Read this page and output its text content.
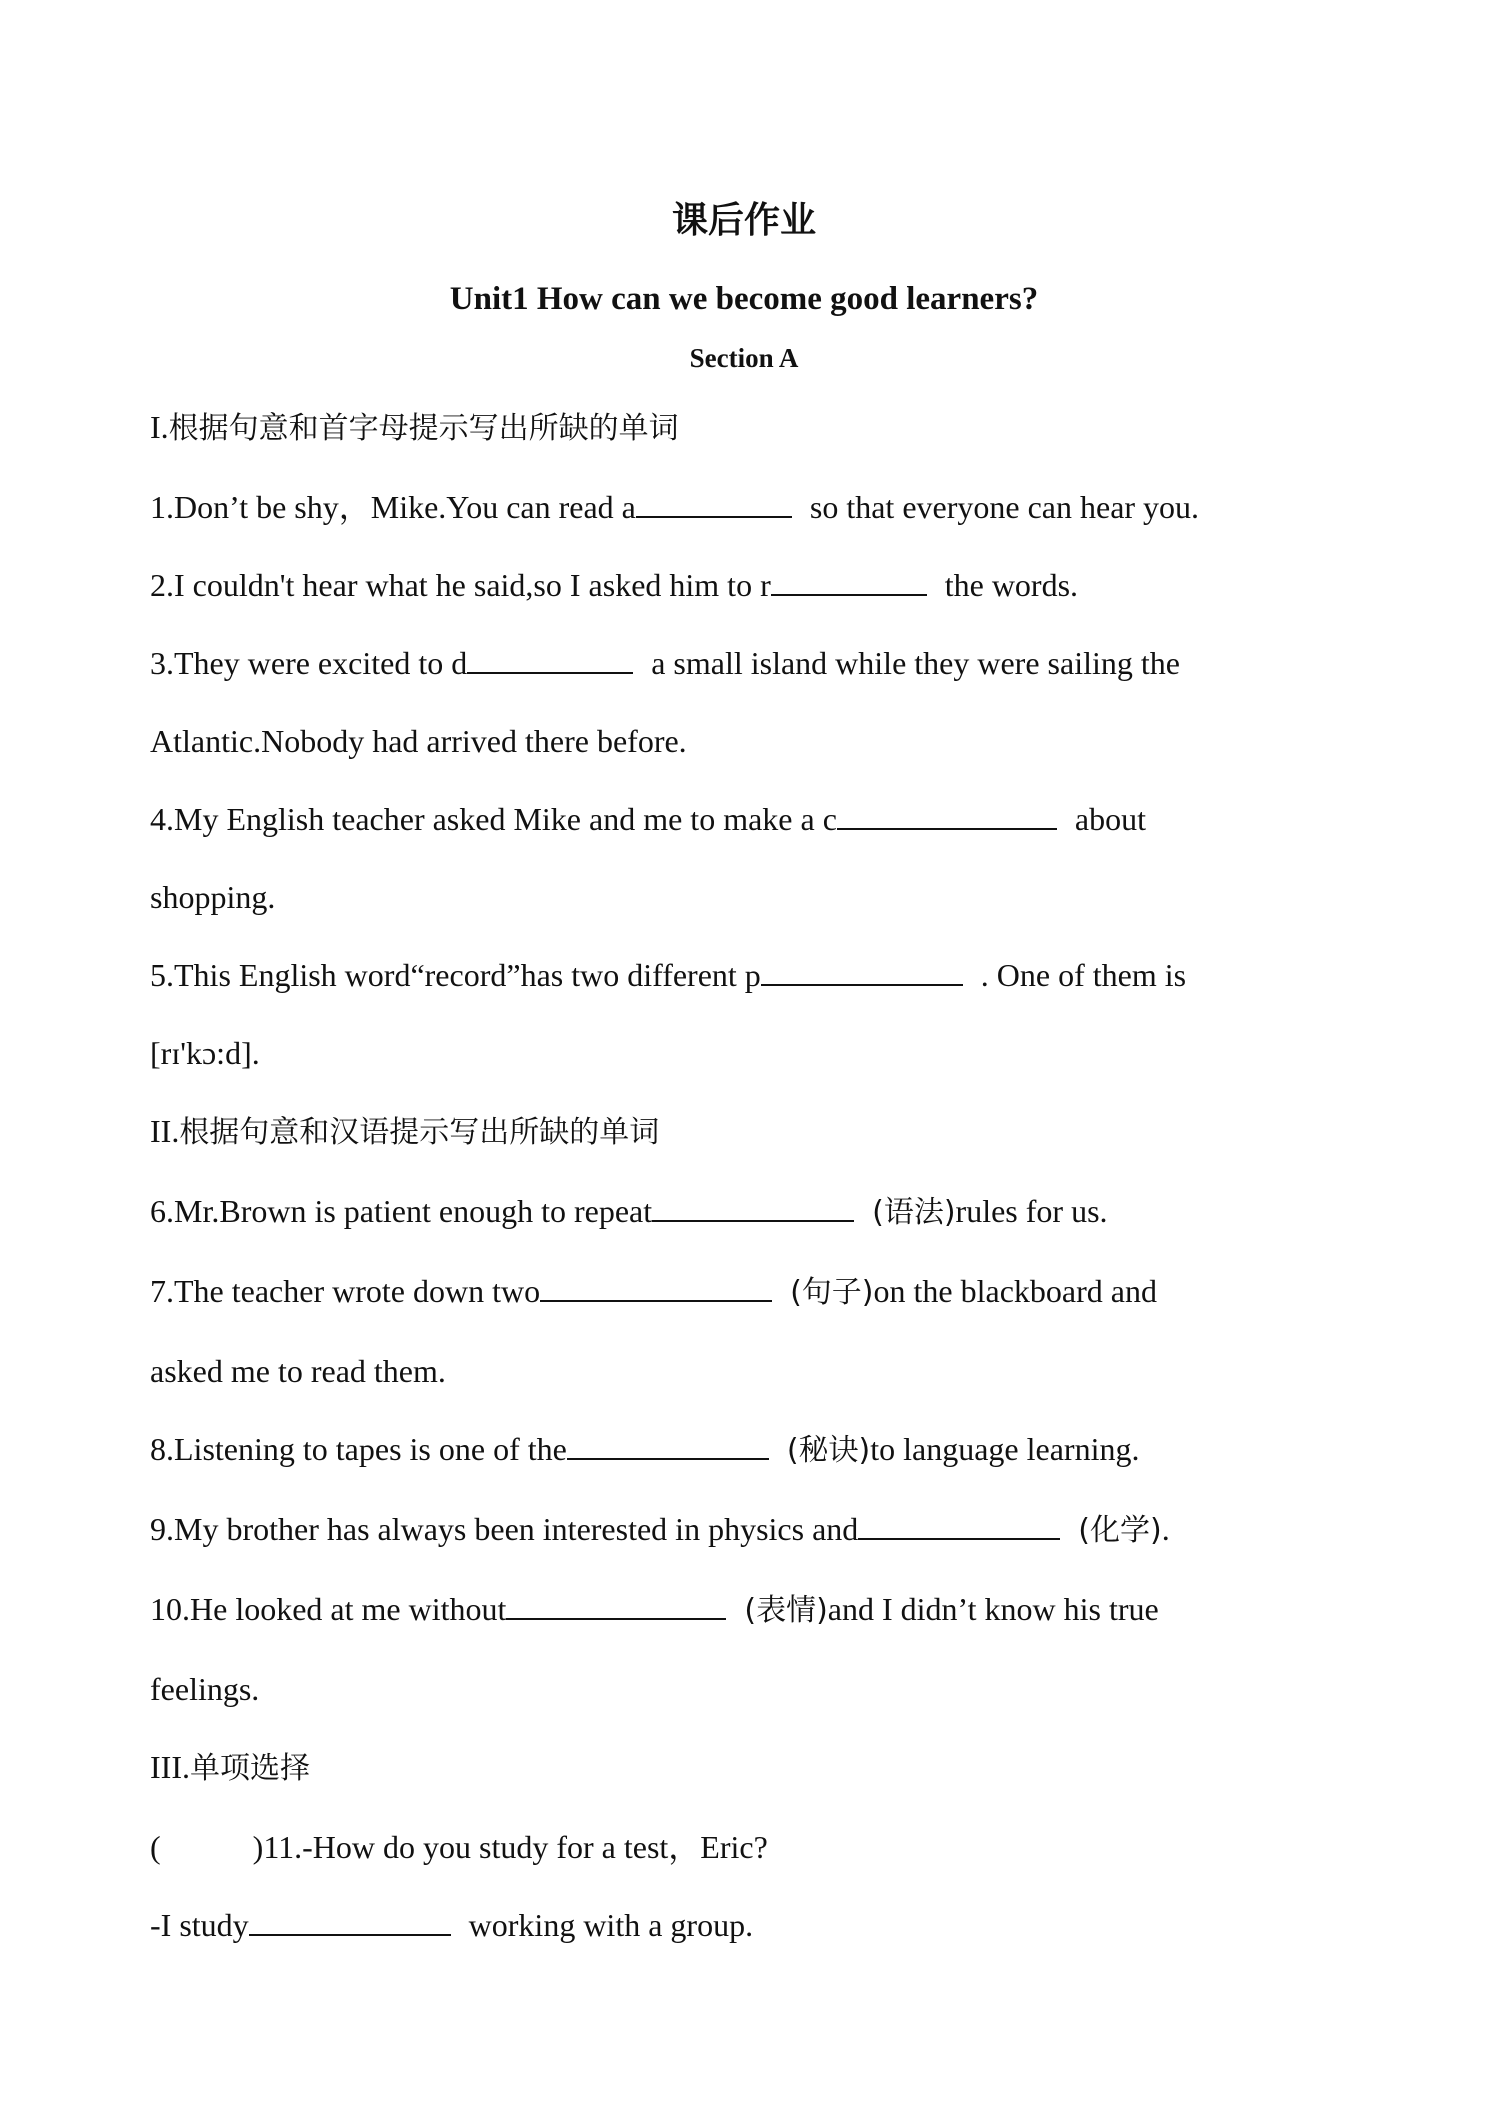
课后作业
Unit1 How can we become good learners?
Section A

I.根据句意和首字母提示写出所缺的单词

1.Don’t be shy，Mike.You can read a	so that everyone can hear you.

2.I couldn't hear what he said,so I asked him to r	the words.

3.They were excited to d	a small island while they were sailing the
Atlantic.Nobody had arrived there before.

4.My English teacher asked Mike and me to make a c	about
shopping.

5.This English word“record”has two different p	. One of them is
[rɪ'kɔ:d].

II.根据句意和汉语提示写出所缺的单词

6.Mr.Brown is patient enough to repeat	(语法)rules for us.

7.The teacher wrote down two	(句子)on the blackboard and
asked me to read them.

8.Listening to tapes is one of the	(秘诀)to language learning.

9.My brother has always been interested in physics and	(化学).

10.He looked at me without	(表情)and I didn’t know his true
feelings.

III.单项选择

(	)11.-How do you study for a test，Eric?

-I study	working with a group.
